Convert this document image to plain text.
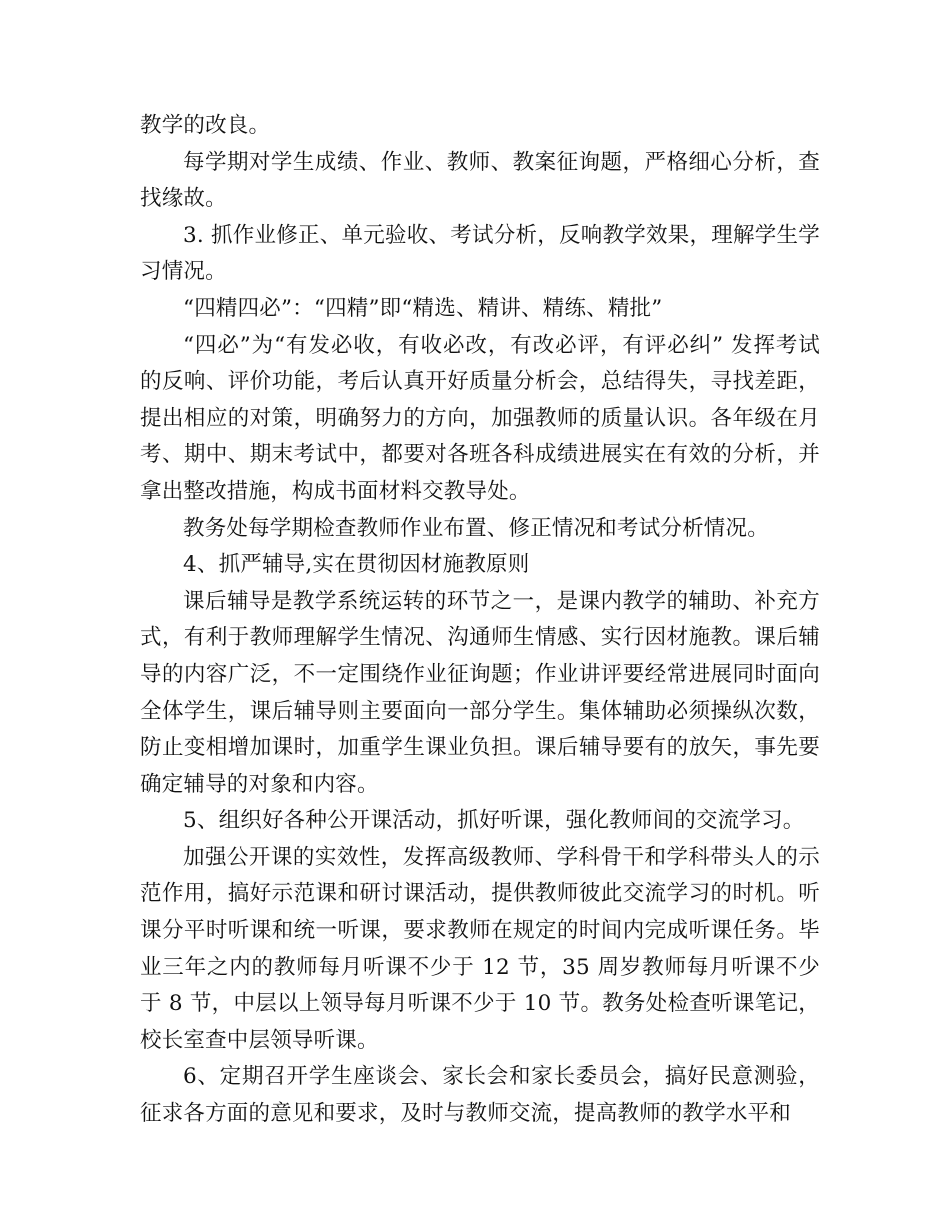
教学的改良。

每学期对学生成绩、作业、教师、教案征询题，严格细心分析，查找缘故。

3. 抓作业修正、单元验收、考试分析，反响教学效果，理解学生学习情况。

“四精四必”：“四精”即“精选、精讲、精练、精批”

“四必”为“有发必收，有收必改，有改必评，有评必纠” 发挥考试的反响、评价功能，考后认真开好质量分析会，总结得失，寻找差距，提出相应的对策，明确努力的方向，加强教师的质量认识。各年级在月考、期中、期末考试中，都要对各班各科成绩进展实在有效的分析，并拿出整改措施，构成书面材料交教导处。

教务处每学期检查教师作业布置、修正情况和考试分析情况。

4、抓严辅导,实在贯彻因材施教原则

课后辅导是教学系统运转的环节之一，是课内教学的辅助、补充方式，有利于教师理解学生情况、沟通师生情感、实行因材施教。课后辅导的内容广泛，不一定围绕作业征询题；作业讲评要经常进展同时面向全体学生，课后辅导则主要面向一部分学生。集体辅助必须操纵次数，防止变相增加课时，加重学生课业负担。课后辅导要有的放矢，事先要确定辅导的对象和内容。

5、组织好各种公开课活动，抓好听课，强化教师间的交流学习。

加强公开课的实效性，发挥高级教师、学科骨干和学科带头人的示范作用，搞好示范课和研讨课活动，提供教师彼此交流学习的时机。听课分平时听课和统一听课，要求教师在规定的时间内完成听课任务。毕业三年之内的教师每月听课不少于 12 节，35 周岁教师每月听课不少于 8 节，中层以上领导每月听课不少于 10 节。教务处检查听课笔记，校长室查中层领导听课。

6、定期召开学生座谈会、家长会和家长委员会，搞好民意测验，征求各方面的意见和要求，及时与教师交流，提高教师的教学水平和
